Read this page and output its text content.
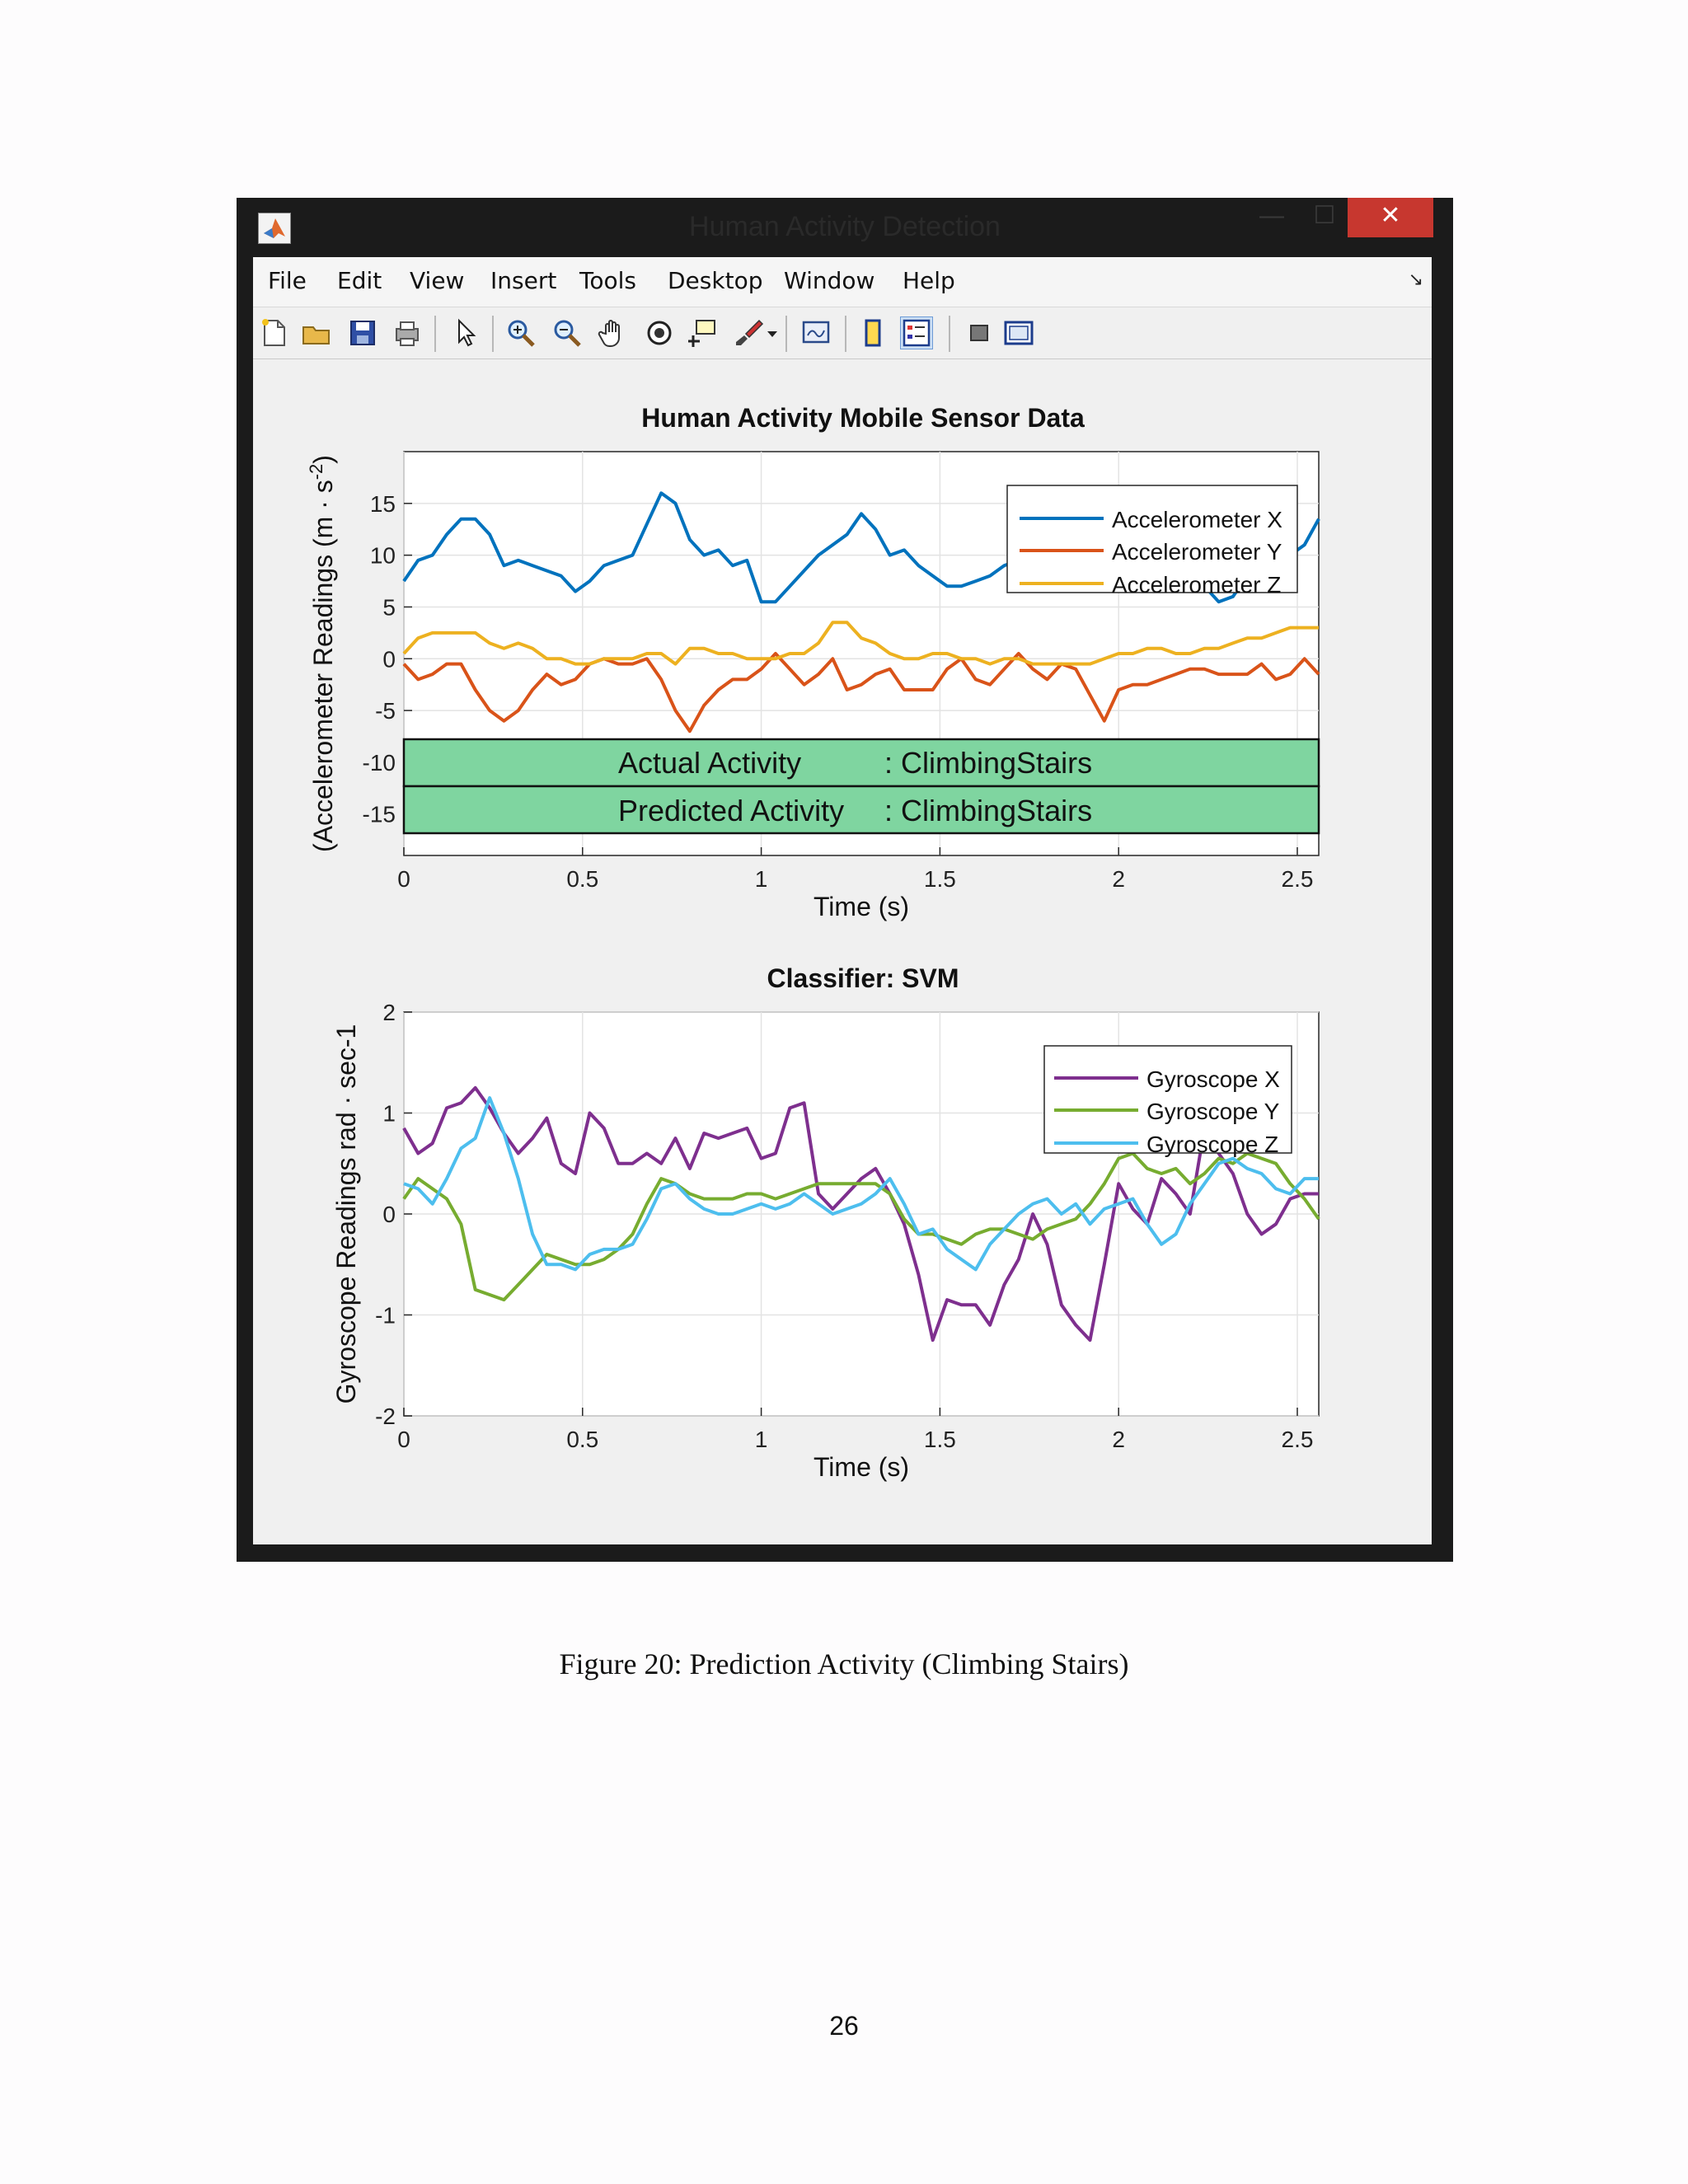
Human Activity Detection	—	☐	✕
File Edit View Insert Tools Desktop Window Help	↘
Human Activity Mobile Sensor Data
0	0.5	1	1.5	2	2.5
15
10
5
0
-5
-10
-15
Actual Activity	: ClimbingStairs
Predicted Activity : ClimbingStairs
Accelerometer X
Accelerometer Y
Accelerometer Z
Time (s)
(Accelerometer Readings $(m \cdot s^{-2})$
Classifier: SVM
0	0.5	1	1.5	2	2.5
2
1
0
-1
-2
Gyroscope X
Gyroscope Y
Gyroscope Z
Time (s)
Gyroscope Readings rad · sec-1
Figure 20: Prediction Activity (Climbing Stairs)
26
